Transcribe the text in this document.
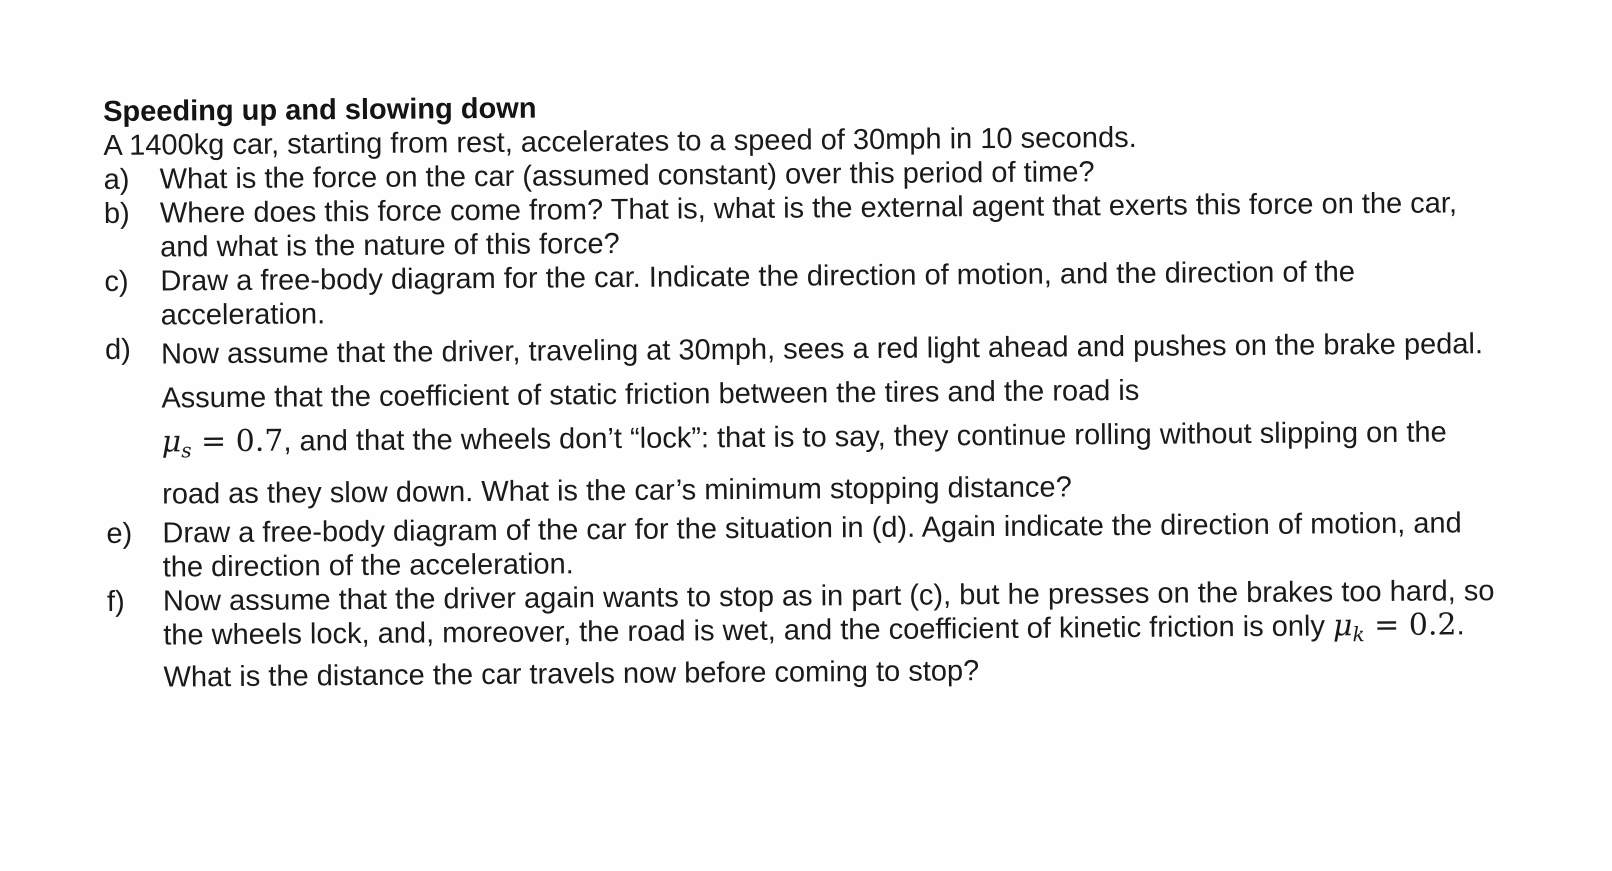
Speeding up and slowing down
A 1400kg car, starting from rest, accelerates to a speed of 30mph in 10 seconds.
a) What is the force on the car (assumed constant) over this period of time?
b) Where does this force come from? That is, what is the external agent that exerts this force on the car, and what is the nature of this force?
c) Draw a free-body diagram for the car. Indicate the direction of motion, and the direction of the acceleration.
d) Now assume that the driver, traveling at 30mph, sees a red light ahead and pushes on the brake pedal. Assume that the coefficient of static friction between the tires and the road is
$\mu_s = 0.7$, and that the wheels don’t “lock”: that is to say, they continue rolling without slipping on the road as they slow down. What is the car’s minimum stopping distance?
e) Draw a free-body diagram of the car for the situation in (d). Again indicate the direction of motion, and the direction of the acceleration.
f) Now assume that the driver again wants to stop as in part (c), but he presses on the brakes too hard, so the wheels lock, and, moreover, the road is wet, and the coefficient of kinetic friction is only $\mu_k = 0.2$. What is the distance the car travels now before coming to stop?
